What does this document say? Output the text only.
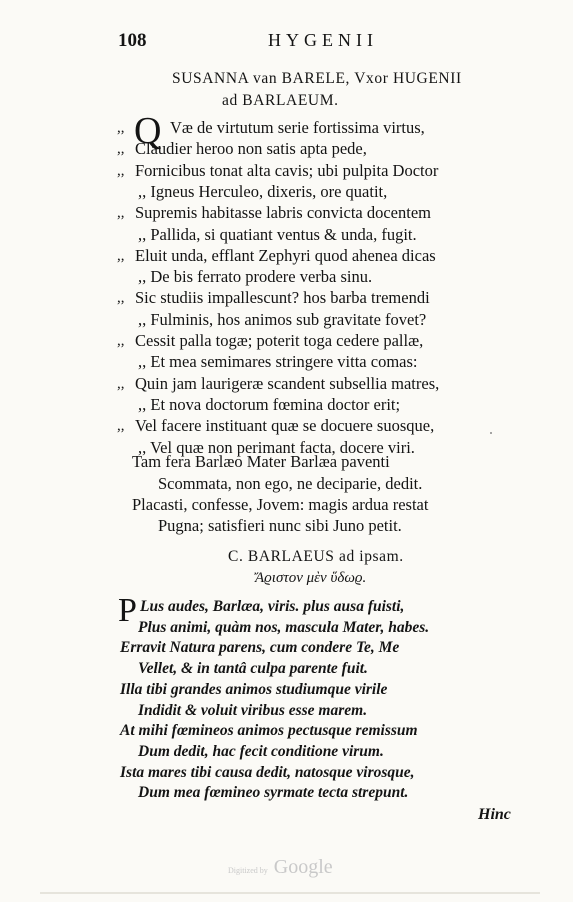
108	HYGENII
SUSANNA van BARELE, Vxor HUGENII
ad BARLAEUM.
Q
,,	Væ de virtutum serie fortissima virtus,
,, Claudier heroo non satis apta pede,
,, Fornicibus tonat alta cavis; ubi pulpita Doctor
,, Igneus Herculeo, dixeris, ore quatit,
,, Supremis habitasse labris convicta docentem
,, Pallida, si quatiant ventus & unda, fugit.
,, Eluit unda, efflant Zephyri quod ahenea dicas
,, De bis ferrato prodere verba sinu.
,, Sic studiis impallescunt? hos barba tremendi
,, Fulminis, hos animos sub gravitate fovet?
,, Cessit palla togæ; poterit toga cedere pallæ,
,, Et mea semimares stringere vitta comas:
,, Quin jam laurigeræ scandent subsellia matres,
,, Et nova doctorum fœmina doctor erit;
,, Vel facere instituant quæ se docuere suosque,
,, Vel quæ non perimant facta, docere viri.
Tam fera Barlæo Mater Barlæa paventi
Scommata, non ego, ne deciparie, dedit.
Placasti, confesse, Jovem: magis ardua restat
Pugna; satisfieri nunc sibi Juno petit.
C. BARLAEUS ad ipsam.
Ἄϱιστον μὲν ὕδωϱ.
P Lus audes, Barlæa, viris. plus ausa fuisti,
Plus animi, quàm nos, mascula Mater, habes.
Erravit Natura parens, cum condere Te, Me
Vellet, & in tantâ culpa parente fuit.
Illa tibi grandes animos studiumque virile
Indidit & voluit viribus esse marem.
At mihi fœmineos animos pectusque remissum
Dum dedit, hac fecit conditione virum.
Ista mares tibi causa dedit, natosque virosque,
Dum mea fœmineo syrmate tecta strepunt.
Hinc
Digitized by Google
